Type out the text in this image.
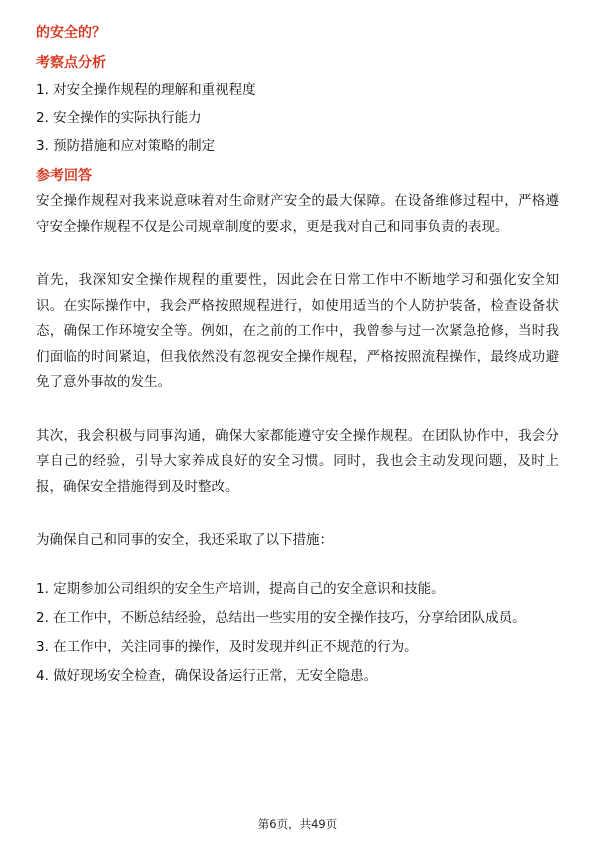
的安全的？

考察点分析

1. 对安全操作规程的理解和重视程度

2. 安全操作的实际执行能力

3. 预防措施和应对策略的制定

参考回答

安全操作规程对我来说意味着对生命财产安全的最大保障。在设备维修过程中，严格遵守安全操作规程不仅是公司规章制度的要求，更是我对自己和同事负责的表现。

首先，我深知安全操作规程的重要性，因此会在日常工作中不断地学习和强化安全知识。在实际操作中，我会严格按照规程进行，如使用适当的个人防护装备，检查设备状态，确保工作环境安全等。例如，在之前的工作中，我曾参与过一次紧急抢修，当时我们面临的时间紧迫，但我依然没有忽视安全操作规程，严格按照流程操作，最终成功避免了意外事故的发生。

其次，我会积极与同事沟通，确保大家都能遵守安全操作规程。在团队协作中，我会分享自己的经验，引导大家养成良好的安全习惯。同时，我也会主动发现问题，及时上报，确保安全措施得到及时整改。

为确保自己和同事的安全，我还采取了以下措施：

1. 定期参加公司组织的安全生产培训，提高自己的安全意识和技能。

2. 在工作中，不断总结经验，总结出一些实用的安全操作技巧，分享给团队成员。

3. 在工作中，关注同事的操作，及时发现并纠正不规范的行为。

4. 做好现场安全检查，确保设备运行正常，无安全隐患。

第6页，共49页
